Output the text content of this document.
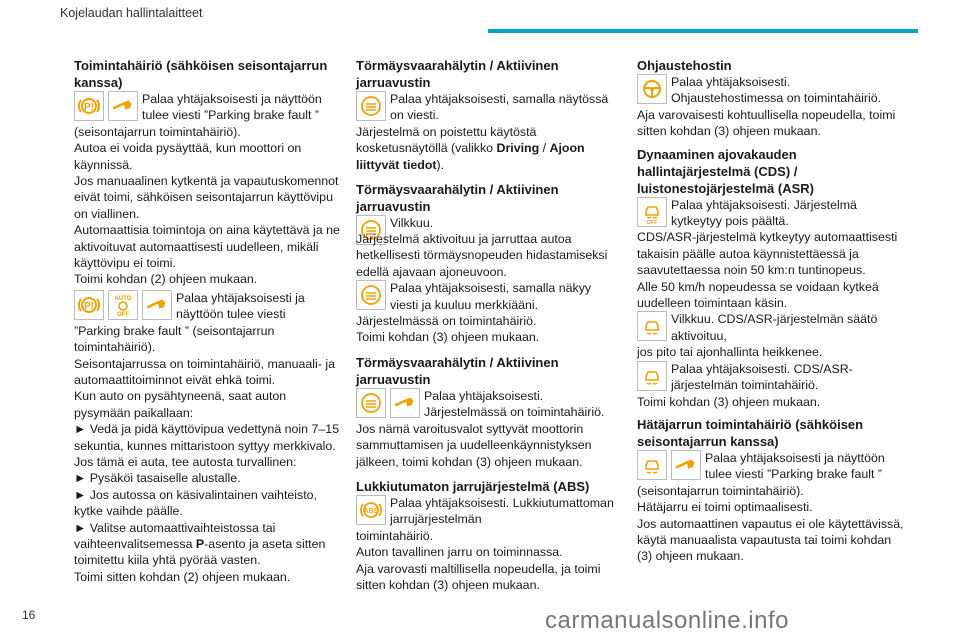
Kojelaudan hallintalaitteet

Toimintahäiriö (sähköisen seisontajarrun kanssa)

P!
Palaa yhtäjaksoisesti ja näyttöön tulee viesti ”Parking brake fault ”

(seisontajarrun toimintahäiriö).

Autoa ei voida pysäyttää, kun moottori on käynnissä.

Jos manuaalinen kytkentä ja vapautuskomennot eivät toimi, sähköisen seisontajarrun käyttövipu on viallinen.

Automaattisia toimintoja on aina käytettävä ja ne aktivoituvat automaattisesti uudelleen, mikäli käyttövipu ei toimi.

Toimi kohdan (2) ohjeen mukaan.

P!
AUTO
OFF
Palaa yhtäjaksoisesti ja näyttöön tulee viesti

”Parking brake fault ” (seisontajarrun toimintahäiriö).

Seisontajarrussa on toimintahäiriö, manuaali- ja automaattitoiminnot eivät ehkä toimi.

Kun auto on pysähtyneenä, saat auton pysymään paikallaan:

► Vedä ja pidä käyttövipua vedettynä noin 7–15 sekuntia, kunnes mittaristoon syttyy merkkivalo.

Jos tämä ei auta, tee autosta turvallinen:

► Pysäköi tasaiselle alustalle.

► Jos autossa on käsivalintainen vaihteisto, kytke vaihde päälle.

► Valitse automaattivaihteistossa tai vaihteenvalitsemessa P-asento ja aseta sitten toimitettu kiila yhtä pyörää vasten.

Toimi sitten kohdan (2) ohjeen mukaan.

Törmäysvaarahälytin / Aktiivinen jarruavustin

Palaa yhtäjaksoisesti, samalla näytössä on viesti.

Järjestelmä on poistettu käytöstä kosketusnäytöllä (valikko Driving / Ajoon liittyvät tiedot).

Törmäysvaarahälytin / Aktiivinen jarruavustin

Vilkkuu.

Järjestelmä aktivoituu ja jarruttaa autoa hetkellisesti törmäysnopeuden hidastamiseksi edellä ajavaan ajoneuvoon.

Palaa yhtäjaksoisesti, samalla näkyy viesti ja kuuluu merkkiääni.

Järjestelmässä on toimintahäiriö.

Toimi kohdan (3) ohjeen mukaan.

Törmäysvaarahälytin / Aktiivinen jarruavustin

Palaa yhtäjaksoisesti. Järjestelmässä on toimintahäiriö.

Jos nämä varoitusvalot syttyvät moottorin sammuttamisen ja uudelleenkäynnistyksen jälkeen, toimi kohdan (3) ohjeen mukaan.

Lukkiutumaton jarrujärjestelmä (ABS)

ABS
Palaa yhtäjaksoisesti. Lukkiutumattoman jarrujärjestelmän

toimintahäiriö.

Auton tavallinen jarru on toiminnassa.

Aja varovasti maltillisella nopeudella, ja toimi sitten kohdan (3) ohjeen mukaan.

Ohjaustehostin

Palaa yhtäjaksoisesti. Ohjaustehostimessa on toimintahäiriö.

Aja varovaisesti kohtuullisella nopeudella, toimi sitten kohdan (3) ohjeen mukaan.

Dynaaminen ajovakauden hallintajärjestelmä (CDS) / luistonestojärjestelmä (ASR)

OFF
Palaa yhtäjaksoisesti. Järjestelmä kytkeytyy pois päältä.

CDS/ASR-järjestelmä kytkeytyy automaattisesti takaisin päälle autoa käynnistettäessä ja saavutettaessa noin 50 km:n tuntinopeus.

Alle 50 km/h nopeudessa se voidaan kytkeä uudelleen toimintaan käsin.

Vilkkuu. CDS/ASR-järjestelmän säätö aktivoituu,

jos pito tai ajonhallinta heikkenee.

Palaa yhtäjaksoisesti. CDS/ASR-järjestelmän toimintahäiriö.

Toimi kohdan (3) ohjeen mukaan.

Hätäjarrun toimintahäiriö (sähköisen seisontajarrun kanssa)

Palaa yhtäjaksoisesti ja näyttöön tulee viesti ”Parking brake fault ”

(seisontajarrun toimintahäiriö).

Hätäjarru ei toimi optimaalisesti.

Jos automaattinen vapautus ei ole käytettävissä, käytä manuaalista vapautusta tai toimi kohdan (3) ohjeen mukaan.

16	carmanualsonline.info
